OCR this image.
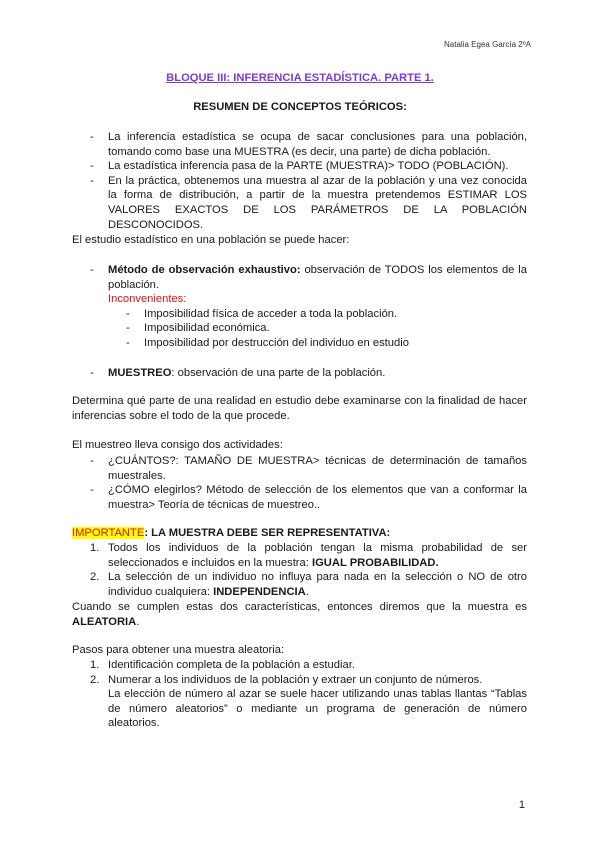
Natalia Egea García 2ºA
BLOQUE III: INFERENCIA ESTADÍSTICA. PARTE 1.
RESUMEN DE CONCEPTOS TEÓRICOS:
- La inferencia estadística se ocupa de sacar conclusiones para una población, tomando como base una MUESTRA (es decir, una parte) de dicha población.
- La estadística inferencia pasa de la PARTE (MUESTRA)> TODO (POBLACIÓN).
- En la práctica, obtenemos una muestra al azar de la población y una vez conocida la forma de distribución, a partir de la muestra pretendemos ESTIMAR LOS VALORES EXACTOS DE LOS PARÁMETROS DE LA POBLACIÓN DESCONOCIDOS.
El estudio estadístico en una población se puede hacer:
- Método de observación exhaustivo: observación de TODOS los elementos de la población.
Inconvenientes:
- Imposibilidad física de acceder a toda la población.
- Imposibilidad económica.
- Imposibilidad por destrucción del individuo en estudio
- MUESTREO: observación de una parte de la población.
Determina qué parte de una realidad en estudio debe examinarse con la finalidad de hacer inferencias sobre el todo de la que procede.
El muestreo lleva consigo dos actividades:
- ¿CUÁNTOS?: TAMAÑO DE MUESTRA> técnicas de determinación de tamaños muestrales.
- ¿CÓMO elegirlos? Método de selección de los elementos que van a conformar la muestra> Teoría de técnicas de muestreo..
IMPORTANTE: LA MUESTRA DEBE SER REPRESENTATIVA:
1. Todos los individuos de la población tengan la misma probabilidad de ser seleccionados e incluidos en la muestra: IGUAL PROBABILIDAD.
2. La selección de un individuo no influya para nada en la selección o NO de otro individuo cualquiera: INDEPENDENCIA.
Cuando se cumplen estas dos características, entonces diremos que la muestra es ALEATORIA.
Pasos para obtener una muestra aleatoria:
1. Identificación completa de la población a estudiar.
2. Numerar a los individuos de la población y extraer un conjunto de números.
La elección de número al azar se suele hacer utilizando unas tablas llantas “Tablas de número aleatorios” o mediante un programa de generación de número aleatorios.
1
